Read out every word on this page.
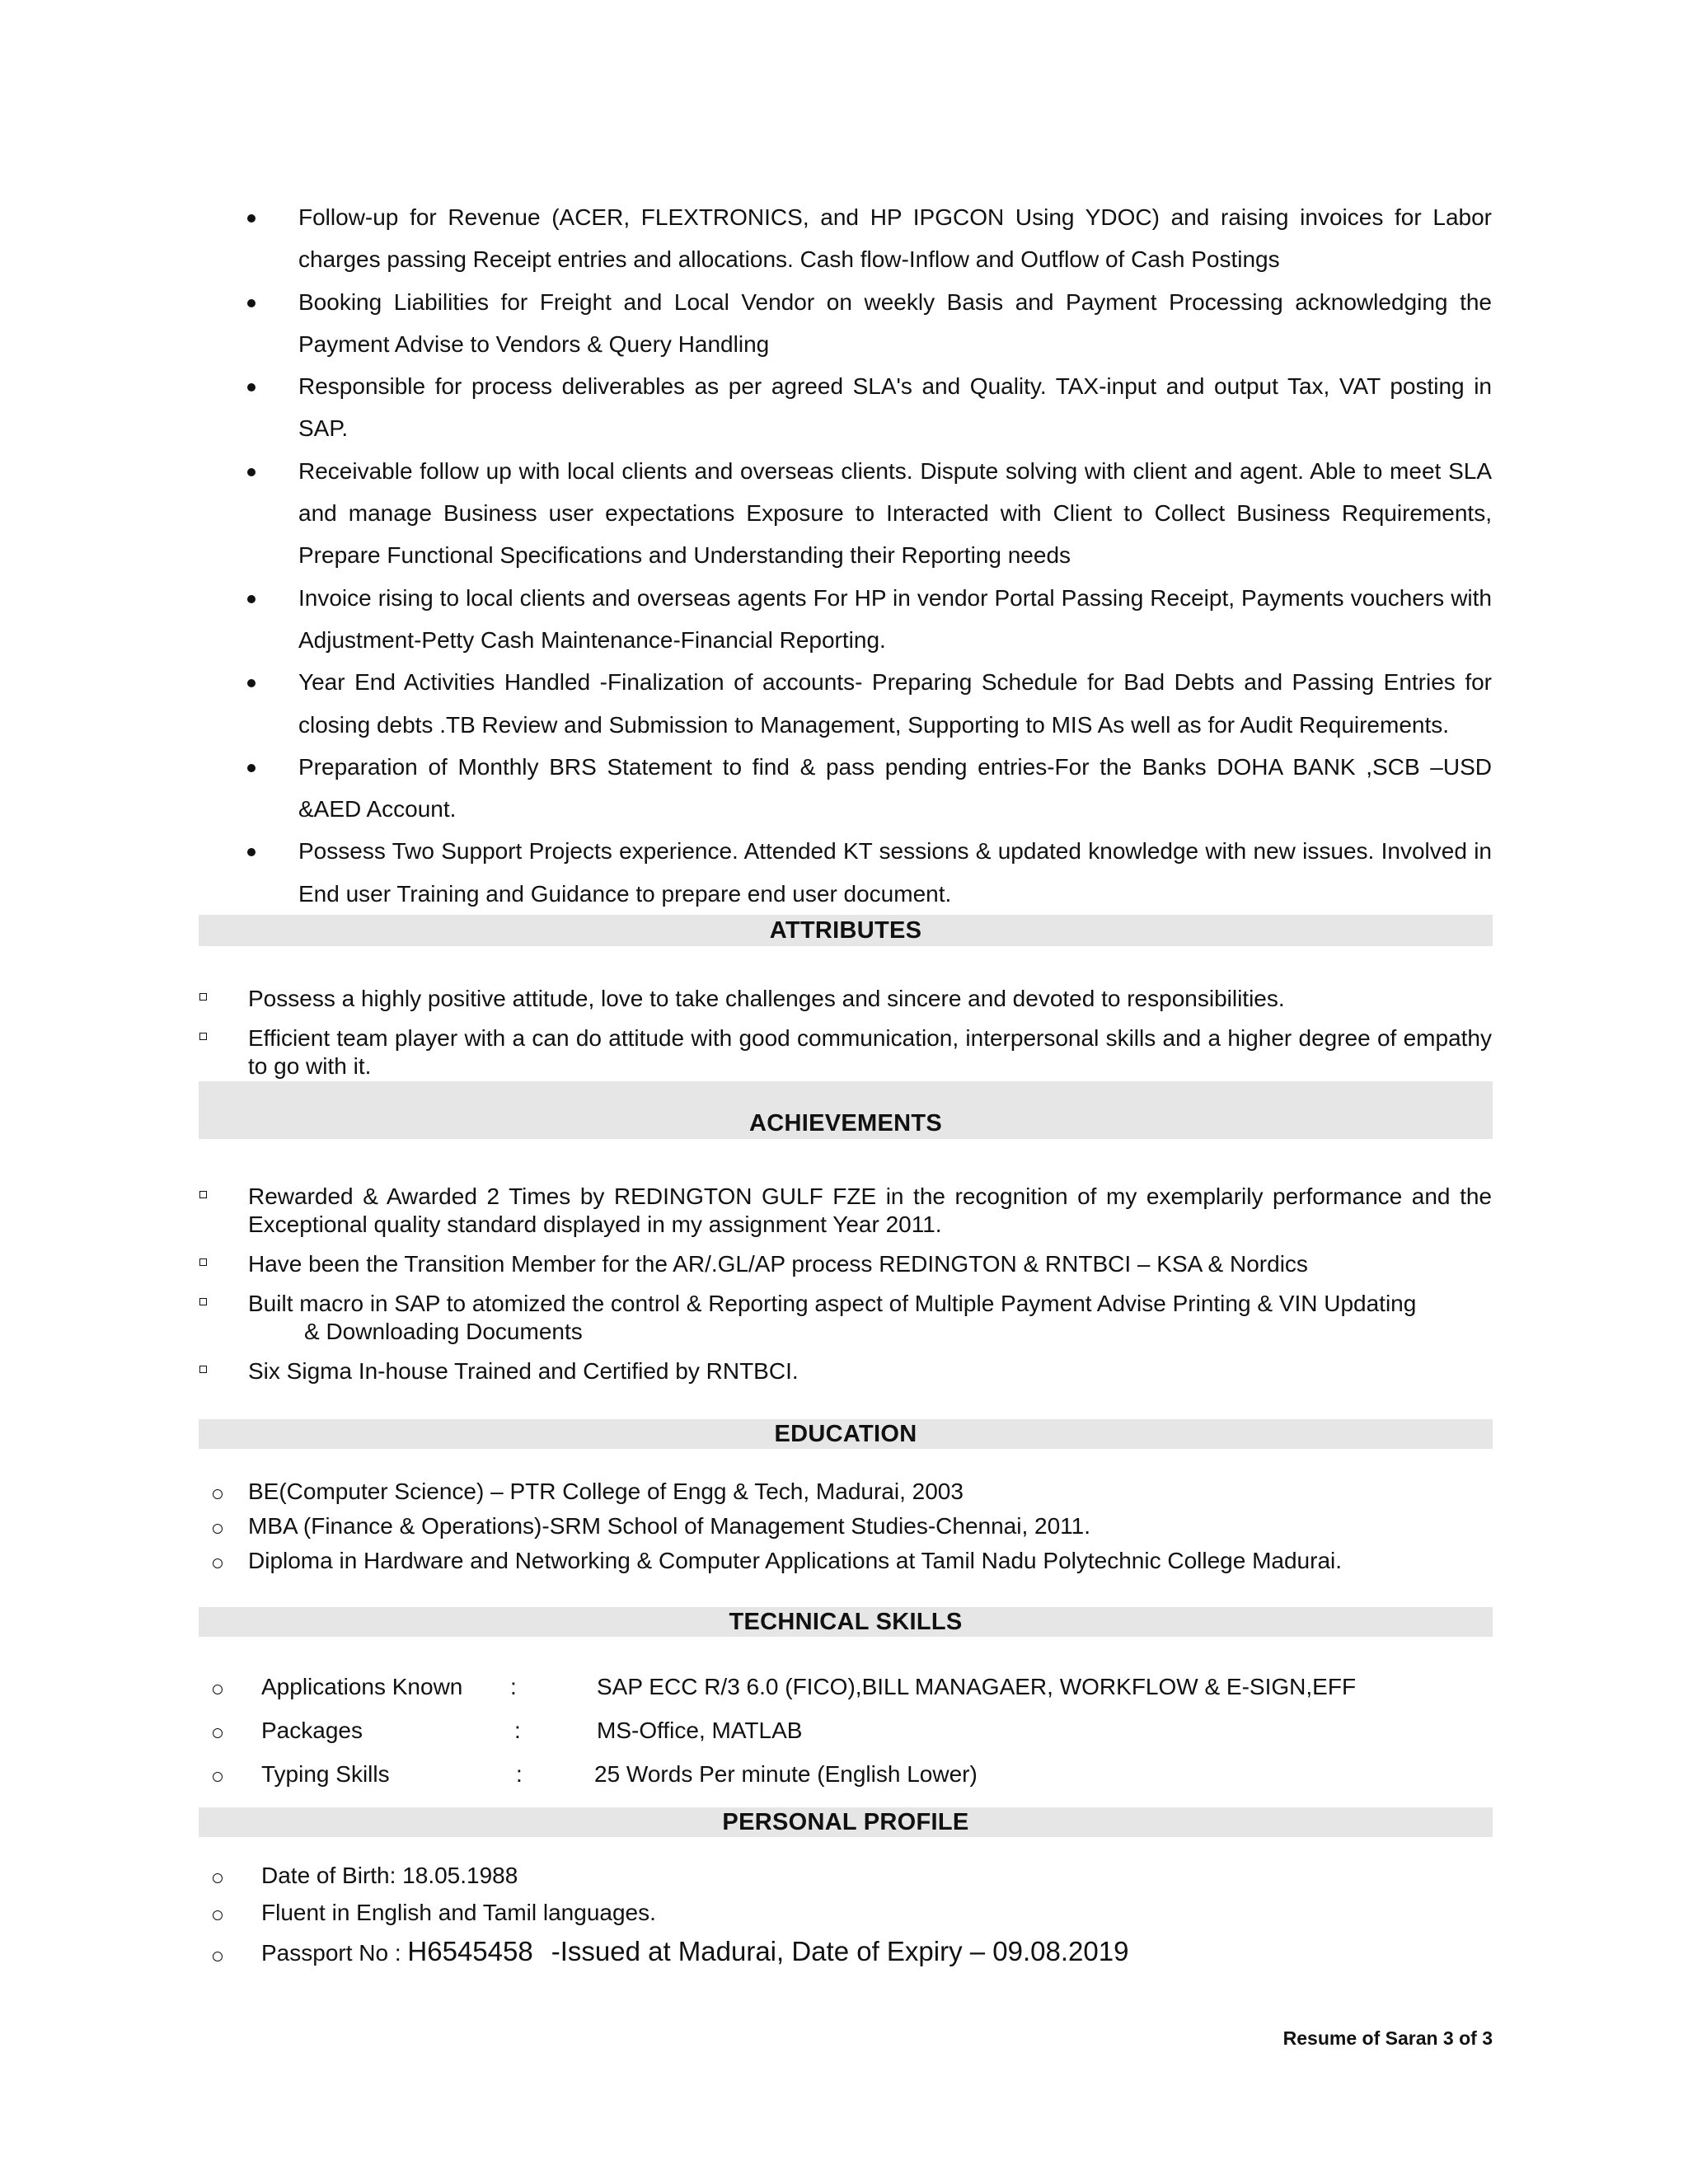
Follow-up for Revenue (ACER, FLEXTRONICS, and HP IPGCON Using YDOC) and raising invoices for Labor charges passing Receipt entries and allocations. Cash flow-Inflow and Outflow of Cash Postings
Booking Liabilities for Freight and Local Vendor on weekly Basis and Payment Processing acknowledging the Payment Advise to Vendors & Query Handling
Responsible for process deliverables as per agreed SLA's and Quality. TAX-input and output Tax, VAT posting in SAP.
Receivable follow up with local clients and overseas clients. Dispute solving with client and agent. Able to meet SLA and manage Business user expectations Exposure to Interacted with Client to Collect Business Requirements, Prepare Functional Specifications and Understanding their Reporting needs
Invoice rising to local clients and overseas agents For HP in vendor Portal Passing Receipt, Payments vouchers with Adjustment-Petty Cash Maintenance-Financial Reporting.
Year End Activities Handled -Finalization of accounts- Preparing Schedule for Bad Debts and Passing Entries for closing debts .TB Review and Submission to Management, Supporting to MIS As well as for Audit Requirements.
Preparation of Monthly BRS Statement to find & pass pending entries-For the Banks DOHA BANK ,SCB –USD &AED Account.
Possess Two Support Projects experience. Attended KT sessions & updated knowledge with new issues. Involved in End user Training and Guidance to prepare end user document.
ATTRIBUTES
Possess a highly positive attitude, love to take challenges and sincere and devoted to responsibilities.
Efficient team player with a can do attitude with good communication, interpersonal skills and a higher degree of empathy to go with it.
ACHIEVEMENTS
Rewarded & Awarded 2 Times by REDINGTON GULF FZE in the recognition of my exemplarily performance and the Exceptional quality standard displayed in my assignment Year 2011.
Have been the Transition Member for the AR/.GL/AP process REDINGTON & RNTBCI – KSA & Nordics
Built macro in SAP to atomized the control & Reporting aspect of Multiple Payment Advise Printing & VIN Updating
& Downloading Documents
Six Sigma In-house Trained and Certified by RNTBCI.
EDUCATION
BE(Computer Science) – PTR College of Engg & Tech, Madurai, 2003
MBA (Finance & Operations)-SRM School of Management Studies-Chennai, 2011.
Diploma in Hardware and Networking & Computer Applications at Tamil Nadu Polytechnic College Madurai.
TECHNICAL SKILLS
Applications Known :	SAP ECC R/3 6.0 (FICO),BILL MANAGAER, WORKFLOW & E-SIGN,EFF
Packages	:	MS-Office, MATLAB
Typing Skills	:	25 Words Per minute (English Lower)
PERSONAL PROFILE
Date of Birth: 18.05.1988
Fluent in English and Tamil languages.
Passport No : H6545458 -Issued at Madurai, Date of Expiry – 09.08.2019
Resume of Saran 3 of 3
